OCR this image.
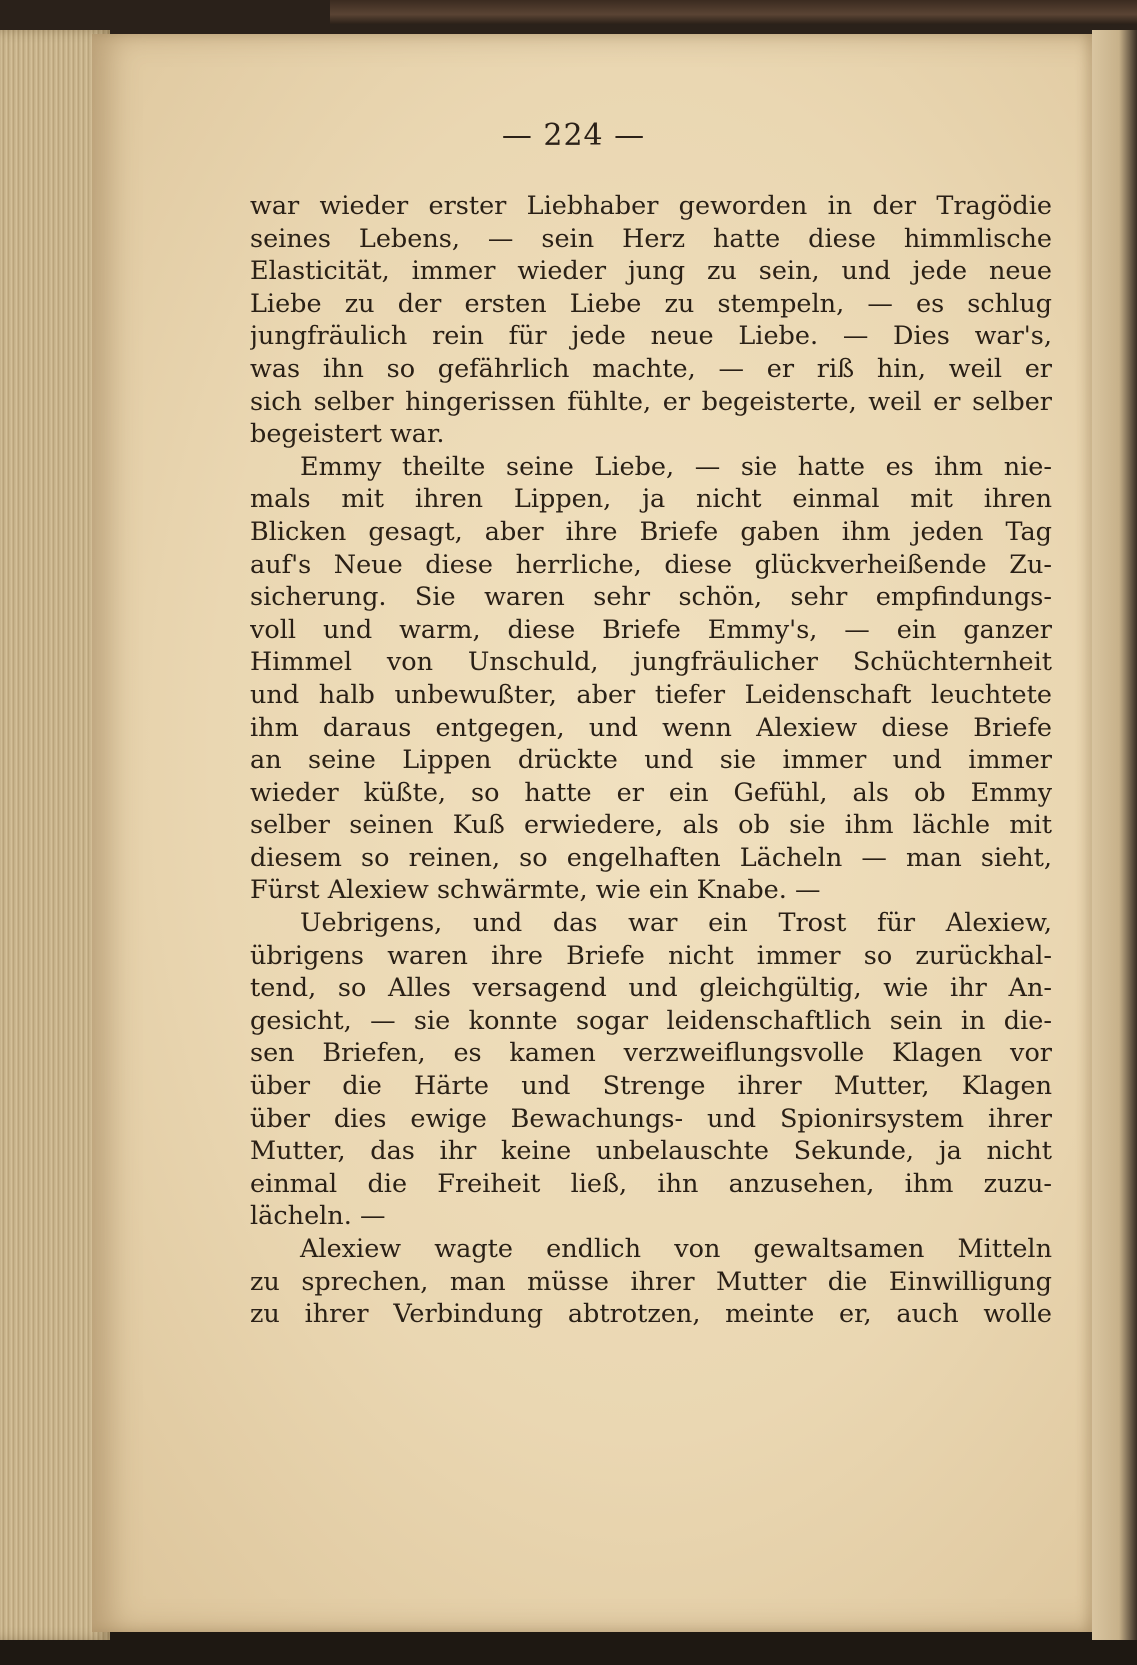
— 224 —
war wieder erster Liebhaber geworden in der Tragödie
seines Lebens, — sein Herz hatte diese himmlische
Elasticität, immer wieder jung zu sein, und jede neue
Liebe zu der ersten Liebe zu stempeln, — es schlug
jungfräulich rein für jede neue Liebe. — Dies war's,
was ihn so gefährlich machte, — er riß hin, weil er
sich selber hingerissen fühlte, er begeisterte, weil er selber
begeistert war.
Emmy theilte seine Liebe, — sie hatte es ihm nie-
mals mit ihren Lippen, ja nicht einmal mit ihren
Blicken gesagt, aber ihre Briefe gaben ihm jeden Tag
auf's Neue diese herrliche, diese glückverheißende Zu-
sicherung. Sie waren sehr schön, sehr empfindungs-
voll und warm, diese Briefe Emmy's, — ein ganzer
Himmel von Unschuld, jungfräulicher Schüchternheit
und halb unbewußter, aber tiefer Leidenschaft leuchtete
ihm daraus entgegen, und wenn Alexiew diese Briefe
an seine Lippen drückte und sie immer und immer
wieder küßte, so hatte er ein Gefühl, als ob Emmy
selber seinen Kuß erwiedere, als ob sie ihm lächle mit
diesem so reinen, so engelhaften Lächeln — man sieht,
Fürst Alexiew schwärmte, wie ein Knabe. —
Uebrigens, und das war ein Trost für Alexiew,
übrigens waren ihre Briefe nicht immer so zurückhal-
tend, so Alles versagend und gleichgültig, wie ihr An-
gesicht, — sie konnte sogar leidenschaftlich sein in die-
sen Briefen, es kamen verzweiflungsvolle Klagen vor
über die Härte und Strenge ihrer Mutter, Klagen
über dies ewige Bewachungs- und Spionirsystem ihrer
Mutter, das ihr keine unbelauschte Sekunde, ja nicht
einmal die Freiheit ließ, ihn anzusehen, ihm zuzu-
lächeln. —
Alexiew wagte endlich von gewaltsamen Mitteln
zu sprechen, man müsse ihrer Mutter die Einwilligung
zu ihrer Verbindung abtrotzen, meinte er, auch wolle
